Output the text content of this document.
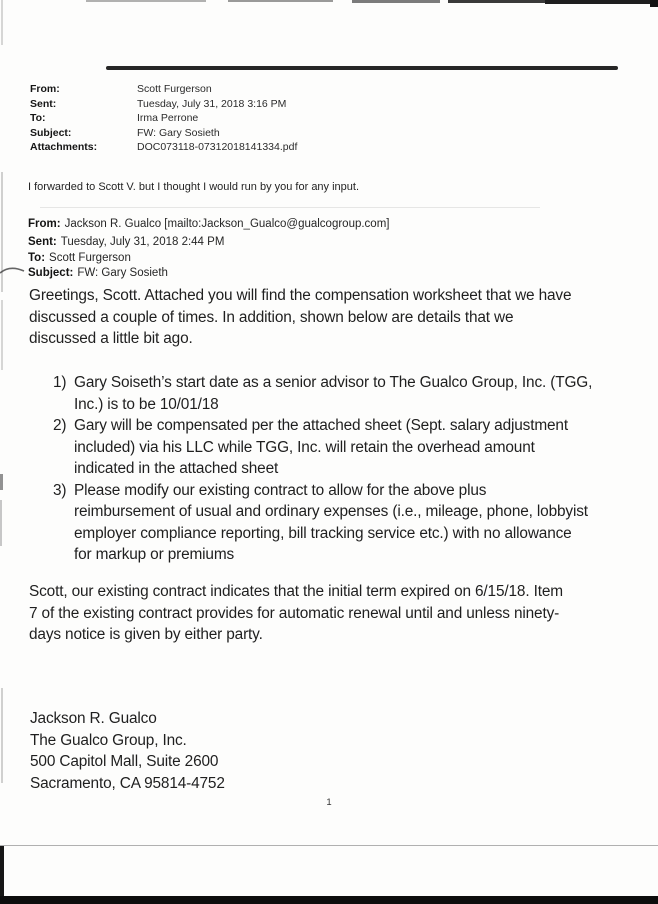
From:	Scott Furgerson
Sent:	Tuesday, July 31, 2018 3:16 PM
To:	Irma Perrone
Subject:	FW: Gary Sosieth
Attachments:	DOC073118-07312018141334.pdf
I forwarded to Scott V. but I thought I would run by you for any input.
From: Jackson R. Gualco [mailto:Jackson_Gualco@gualcogroup.com]
Sent: Tuesday, July 31, 2018 2:44 PM
To: Scott Furgerson
Subject: FW: Gary Sosieth
Greetings, Scott. Attached you will find the compensation worksheet that we have
discussed a couple of times. In addition, shown below are details that we
discussed a little bit ago.
1) Gary Soiseth’s start date as a senior advisor to The Gualco Group, Inc. (TGG,
Inc.) is to be 10/01/18
2) Gary will be compensated per the attached sheet (Sept. salary adjustment
included) via his LLC while TGG, Inc. will retain the overhead amount
indicated in the attached sheet
3) Please modify our existing contract to allow for the above plus
reimbursement of usual and ordinary expenses (i.e., mileage, phone, lobbyist
employer compliance reporting, bill tracking service etc.) with no allowance
for markup or premiums
Scott, our existing contract indicates that the initial term expired on 6/15/18. Item
7 of the existing contract provides for automatic renewal until and unless ninety-
days notice is given by either party.
Jackson R. Gualco
The Gualco Group, Inc.
500 Capitol Mall, Suite 2600
Sacramento, CA 95814-4752
1
